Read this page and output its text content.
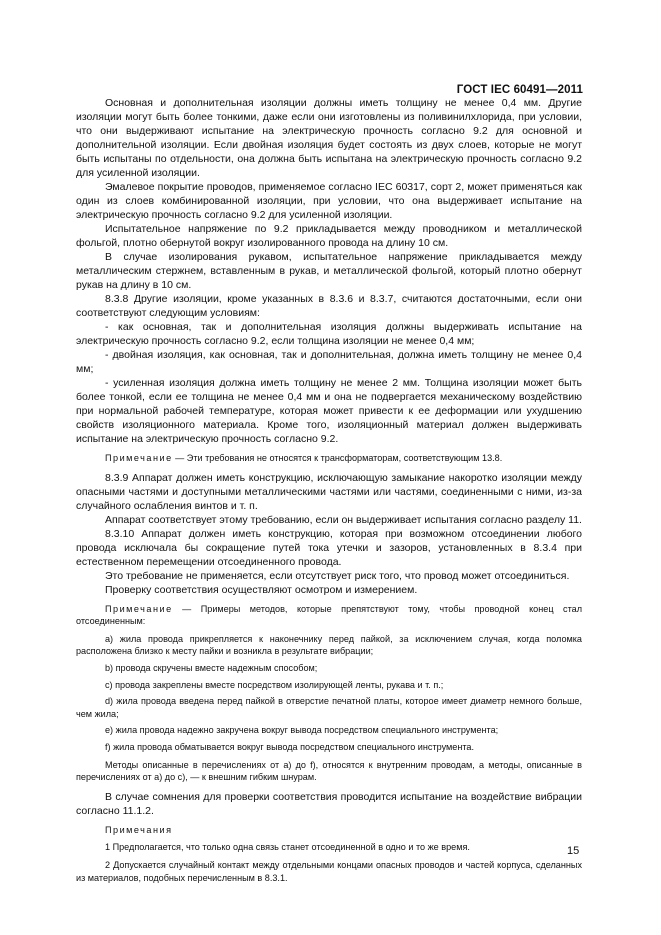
ГОСТ IEC 60491—2011

Основная и дополнительная изоляции должны иметь толщину не менее 0,4 мм. Другие изоляции могут быть более тонкими, даже если они изготовлены из поливинилхлорида, при условии, что они выдерживают испытание на электрическую прочность согласно 9.2 для основной и дополнительной изоляции. Если двойная изоляция будет состоять из двух слоев, которые не могут быть испытаны по отдельности, она должна быть испытана на электрическую прочность согласно 9.2 для усиленной изоляции.

Эмалевое покрытие проводов, применяемое согласно IEC 60317, сорт 2, может применяться как один из слоев комбинированной изоляции, при условии, что она выдерживает испытание на электрическую прочность согласно 9.2 для усиленной изоляции.

Испытательное напряжение по 9.2 прикладывается между проводником и металлической фольгой, плотно обернутой вокруг изолированного провода на длину 10 см.

В случае изолирования рукавом, испытательное напряжение прикладывается между металлическим стержнем, вставленным в рукав, и металлической фольгой, который плотно обернут рукав на длину в 10 см.

8.3.8 Другие изоляции, кроме указанных в 8.3.6 и 8.3.7, считаются достаточными, если они соответствуют следующим условиям:

- как основная, так и дополнительная изоляция должны выдерживать испытание на электрическую прочность согласно 9.2, если толщина изоляции не менее 0,4 мм;

- двойная изоляция, как основная, так и дополнительная, должна иметь толщину не менее 0,4 мм;

- усиленная изоляция должна иметь толщину не менее 2 мм. Толщина изоляции может быть более тонкой, если ее толщина не менее 0,4 мм и она не подвергается механическому воздействию при нормальной рабочей температуре, которая может привести к ее деформации или ухудшению свойств изоляционного материала. Кроме того, изоляционный материал должен выдерживать испытание на электрическую прочность согласно 9.2.

Примечание — Эти требования не относятся к трансформаторам, соответствующим 13.8.

8.3.9 Аппарат должен иметь конструкцию, исключающую замыкание накоротко изоляции между опасными частями и доступными металлическими частями или частями, соединенными с ними, из-за случайного ослабления винтов и т. п.

Аппарат соответствует этому требованию, если он выдерживает испытания согласно разделу 11.

8.3.10 Аппарат должен иметь конструкцию, которая при возможном отсоединении любого провода исключала бы сокращение путей тока утечки и зазоров, установленных в 8.3.4 при естественном перемещении отсоединенного провода.

Это требование не применяется, если отсутствует риск того, что провод может отсоединиться.

Проверку соответствия осуществляют осмотром и измерением.

Примечание — Примеры методов, которые препятствуют тому, чтобы проводной конец стал отсоединенным:

a) жила провода прикрепляется к наконечнику перед пайкой, за исключением случая, когда поломка расположена близко к месту пайки и возникла в результате вибрации;

b) провода скручены вместе надежным способом;

c) провода закреплены вместе посредством изолирующей ленты, рукава и т. п.;

d) жила провода введена перед пайкой в отверстие печатной платы, которое имеет диаметр немного больше, чем жила;

e) жила провода надежно закручена вокруг вывода посредством специального инструмента;

f) жила провода обматывается вокруг вывода посредством специального инструмента.

Методы описанные в перечислениях от a) до f), относятся к внутренним проводам, а методы, описанные в перечислениях от a) до c), — к внешним гибким шнурам.

В случае сомнения для проверки соответствия проводится испытание на воздействие вибрации согласно 11.1.2.

Примечания

1 Предполагается, что только одна связь станет отсоединенной в одно и то же время.

2 Допускается случайный контакт между отдельными концами опасных проводов и частей корпуса, сделанных из материалов, подобных перечисленным в 8.3.1.

15
